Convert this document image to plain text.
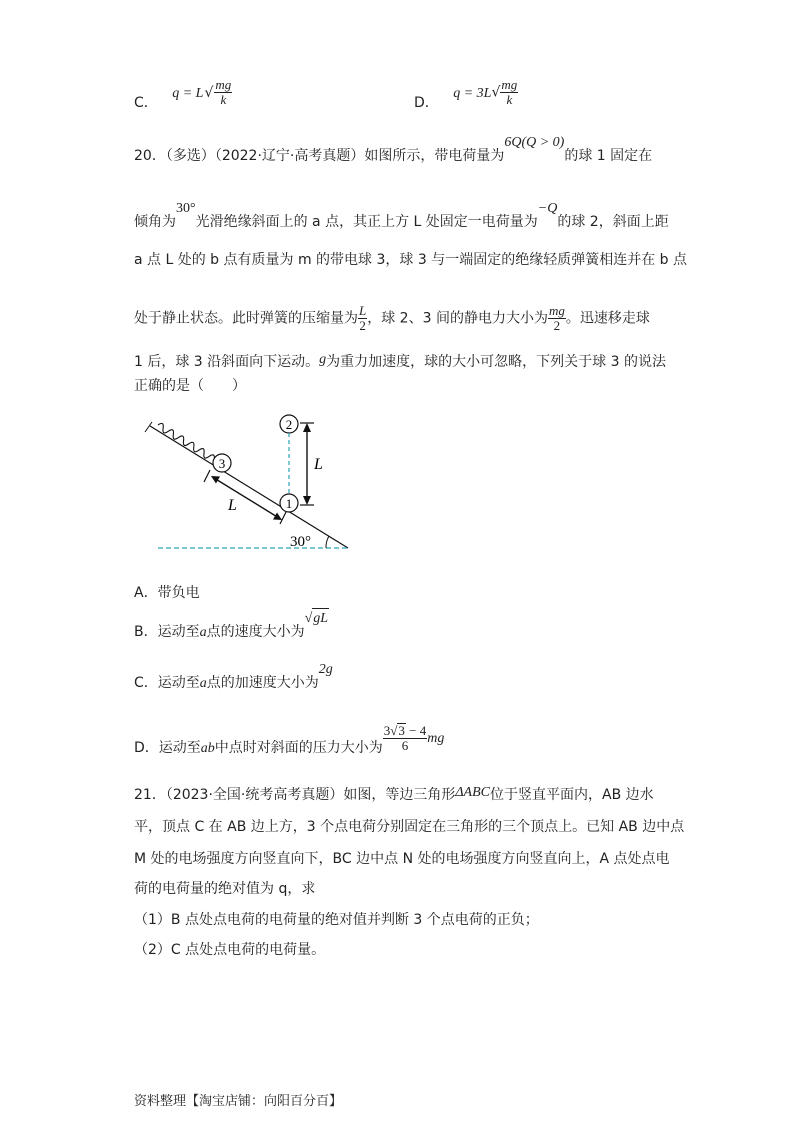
C． $q = L√ \frac{mg}{k}$	D． $q = 3L√ \frac{mg}{k}$
20．（多选）（2022·辽宁·高考真题）如图所示，带电荷量为6Q(Q > 0)的球 1 固定在
倾角为30°光滑绝缘斜面上的 a 点，其正上方 L 处固定一电荷量为−Q的球 2，斜面上距
a 点 L 处的 b 点有质量为 m 的带电球 3，球 3 与一端固定的绝缘轻质弹簧相连并在 b 点
处于静止状态。此时弹簧的压缩量为 $\frac{L}{2}$ ，球 2、3 间的静电力大小为 $\frac{mg}{2}$ 。迅速移走球
1 后，球 3 沿斜面向下运动。g为重力加速度，球的大小可忽略，下列关于球 3 的说法
正确的是（　　）
3
1
2
L
L
30°
A．带负电
B．运动至a点的速度大小为√gL
C．运动至a点的加速度大小为2g
D．运动至ab中点时对斜面的压力大小为 $\frac{3√3 - 4}{6}$ mg
21．（2023·全国·统考高考真题）如图，等边三角形ΔABC位于竖直平面内，AB 边水
平，顶点 C 在 AB 边上方，3 个点电荷分别固定在三角形的三个顶点上。已知 AB 边中点
M 处的电场强度方向竖直向下，BC 边中点 N 处的电场强度方向竖直向上，A 点处点电
荷的电荷量的绝对值为 q，求
（1）B 点处点电荷的电荷量的绝对值并判断 3 个点电荷的正负；
（2）C 点处点电荷的电荷量。
资料整理【淘宝店铺：向阳百分百】
